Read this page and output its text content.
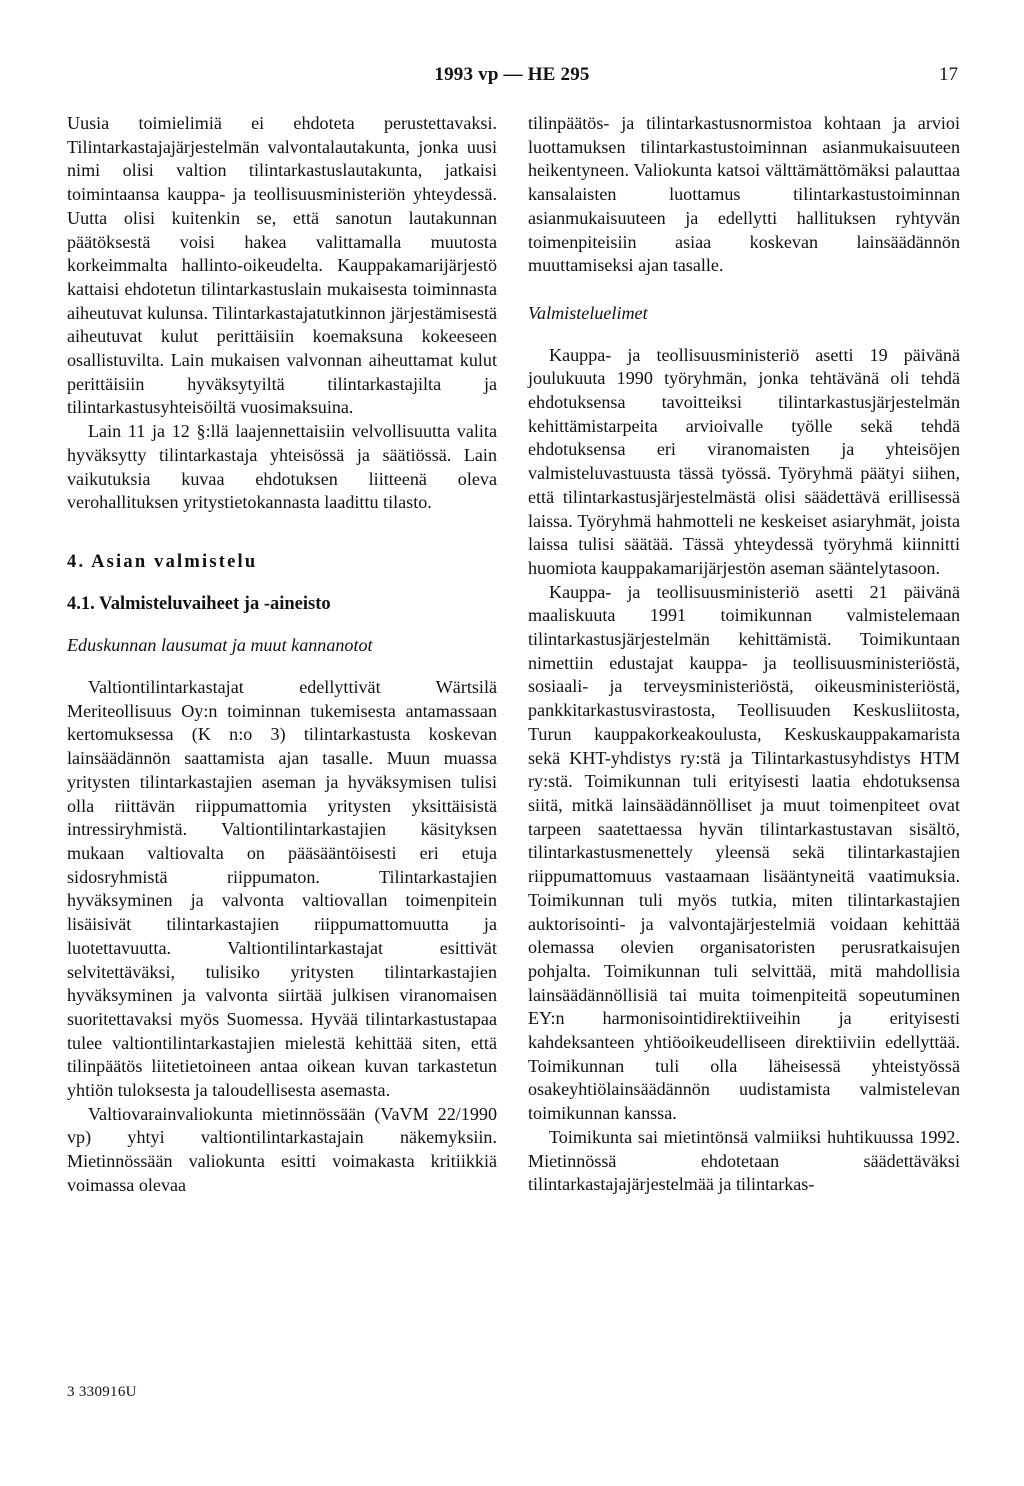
1993 vp — HE 295	17

Uusia toimielimiä ei ehdoteta perustettavaksi. Tilintarkastajajärjestelmän valvontalautakunta, jonka uusi nimi olisi valtion tilintarkastuslautakunta, jatkaisi toimintaansa kauppa- ja teollisuusministeriön yhteydessä. Uutta olisi kuitenkin se, että sanotun lautakunnan päätöksestä voisi hakea valittamalla muutosta korkeimmalta hallinto-oikeudelta. Kauppakamarijärjestö kattaisi ehdotetun tilintarkastuslain mukaisesta toiminnasta aiheutuvat kulunsa. Tilintarkastajatutkinnon järjestämisestä aiheutuvat kulut perittäisiin koemaksuna kokeeseen osallistuvilta. Lain mukaisen valvonnan aiheuttamat kulut perittäisiin hyväksytyiltä tilintarkastajilta ja tilintarkastusyhteisöiltä vuosimaksuina.

Lain 11 ja 12 §:llä laajennettaisiin velvollisuutta valita hyväksytty tilintarkastaja yhteisössä ja säätiössä. Lain vaikutuksia kuvaa ehdotuksen liitteenä oleva verohallituksen yritystietokannasta laadittu tilasto.

4. Asian valmistelu
4.1. Valmisteluvaiheet ja -aineisto

Eduskunnan lausumat ja muut kannanotot

Valtiontilintarkastajat edellyttivät Wärtsilä Meriteollisuus Oy:n toiminnan tukemisesta antamassaan kertomuksessa (K n:o 3) tilintarkastusta koskevan lainsäädännön saattamista ajan tasalle. Muun muassa yritysten tilintarkastajien aseman ja hyväksymisen tulisi olla riittävän riippumattomia yritysten yksittäisistä intressiryhmistä. Valtiontilintarkastajien käsityksen mukaan valtiovalta on pääsääntöisesti eri etuja sidosryhmistä riippumaton. Tilintarkastajien hyväksyminen ja valvonta valtiovallan toimenpitein lisäisivät tilintarkastajien riippumattomuutta ja luotettavuutta. Valtiontilintarkastajat esittivät selvitettäväksi, tulisiko yritysten tilintarkastajien hyväksyminen ja valvonta siirtää julkisen viranomaisen suoritettavaksi myös Suomessa. Hyvää tilintarkastustapaa tulee valtiontilintarkastajien mielestä kehittää siten, että tilinpäätös liitetietoineen antaa oikean kuvan tarkastetun yhtiön tuloksesta ja taloudellisesta asemasta.

Valtiovarainvaliokunta mietinnössään (VaVM 22/1990 vp) yhtyi valtiontilintarkastajain näkemyksiin. Mietinnössään valiokunta esitti voimakasta kritiikkiä voimassa olevaa

tilinpäätös- ja tilintarkastusnormistoa kohtaan ja arvioi luottamuksen tilintarkastustoiminnan asianmukaisuuteen heikentyneen. Valiokunta katsoi välttämättömäksi palauttaa kansalaisten luottamus tilintarkastustoiminnan asianmukaisuuteen ja edellytti hallituksen ryhtyvän toimenpiteisiin asiaa koskevan lainsäädännön muuttamiseksi ajan tasalle.

Valmisteluelimet

Kauppa- ja teollisuusministeriö asetti 19 päivänä joulukuuta 1990 työryhmän, jonka tehtävänä oli tehdä ehdotuksensa tavoitteiksi tilintarkastusjärjestelmän kehittämistarpeita arvioivalle työlle sekä tehdä ehdotuksensa eri viranomaisten ja yhteisöjen valmisteluvastuusta tässä työssä. Työryhmä päätyi siihen, että tilintarkastusjärjestelmästä olisi säädettävä erillisessä laissa. Työryhmä hahmotteli ne keskeiset asiaryhmät, joista laissa tulisi säätää. Tässä yhteydessä työryhmä kiinnitti huomiota kauppakamarijärjestön aseman sääntelytasoon.

Kauppa- ja teollisuusministeriö asetti 21 päivänä maaliskuuta 1991 toimikunnan valmistelemaan tilintarkastusjärjestelmän kehittämistä. Toimikuntaan nimettiin edustajat kauppa- ja teollisuusministeriöstä, sosiaali- ja terveysministeriöstä, oikeusministeriöstä, pankkitarkastusvirastosta, Teollisuuden Keskusliitosta, Turun kauppakorkeakoulusta, Keskuskauppakamarista sekä KHT-yhdistys ry:stä ja Tilintarkastusyhdistys HTM ry:stä. Toimikunnan tuli erityisesti laatia ehdotuksensa siitä, mitkä lainsäädännölliset ja muut toimenpiteet ovat tarpeen saatettaessa hyvän tilintarkastustavan sisältö, tilintarkastusmenettely yleensä sekä tilintarkastajien riippumattomuus vastaamaan lisääntyneitä vaatimuksia. Toimikunnan tuli myös tutkia, miten tilintarkastajien auktorisointi- ja valvontajärjestelmiä voidaan kehittää olemassa olevien organisatoristen perusratkaisujen pohjalta. Toimikunnan tuli selvittää, mitä mahdollisia lainsäädännöllisiä tai muita toimenpiteitä sopeutuminen EY:n harmonisointidirektiiveihin ja erityisesti kahdeksanteen yhtiöoikeudelliseen direktiiviin edellyttää. Toimikunnan tuli olla läheisessä yhteistyössä osakeyhtiölainsäädännön uudistamista valmistelevan toimikunnan kanssa.

Toimikunta sai mietintönsä valmiiksi huhtikuussa 1992. Mietinnössä ehdotetaan säädettäväksi tilintarkastajajärjestelmää ja tilintarkas-

3 330916U
